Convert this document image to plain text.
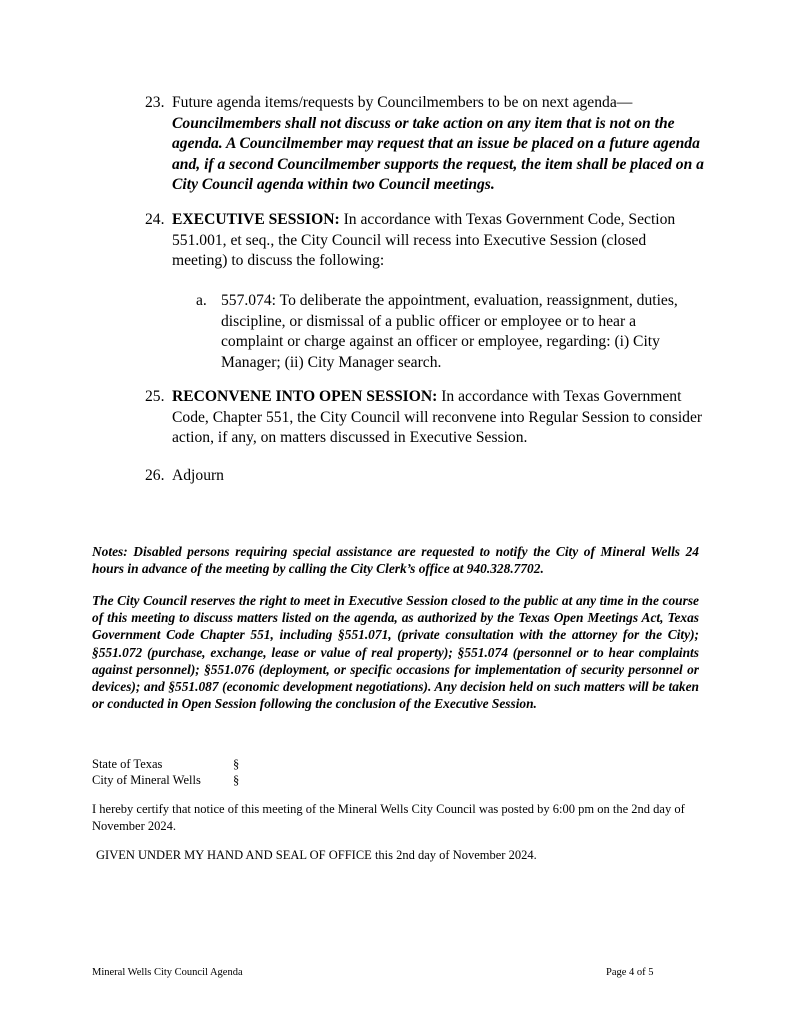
23. Future agenda items/requests by Councilmembers to be on next agenda— Councilmembers shall not discuss or take action on any item that is not on the agenda. A Councilmember may request that an issue be placed on a future agenda and, if a second Councilmember supports the request, the item shall be placed on a City Council agenda within two Council meetings.
24. EXECUTIVE SESSION: In accordance with Texas Government Code, Section 551.001, et seq., the City Council will recess into Executive Session (closed meeting) to discuss the following:
a. 557.074: To deliberate the appointment, evaluation, reassignment, duties, discipline, or dismissal of a public officer or employee or to hear a complaint or charge against an officer or employee, regarding: (i) City Manager; (ii) City Manager search.
25. RECONVENE INTO OPEN SESSION: In accordance with Texas Government Code, Chapter 551, the City Council will reconvene into Regular Session to consider action, if any, on matters discussed in Executive Session.
26. Adjourn
Notes: Disabled persons requiring special assistance are requested to notify the City of Mineral Wells 24 hours in advance of the meeting by calling the City Clerk’s office at 940.328.7702.
The City Council reserves the right to meet in Executive Session closed to the public at any time in the course of this meeting to discuss matters listed on the agenda, as authorized by the Texas Open Meetings Act, Texas Government Code Chapter 551, including §551.071, (private consultation with the attorney for the City); §551.072 (purchase, exchange, lease or value of real property); §551.074 (personnel or to hear complaints against personnel); §551.076 (deployment, or specific occasions for implementation of security personnel or devices); and §551.087 (economic development negotiations). Any decision held on such matters will be taken or conducted in Open Session following the conclusion of the Executive Session.
State of Texas	§
City of Mineral Wells	§
I hereby certify that notice of this meeting of the Mineral Wells City Council was posted by 6:00 pm on the 2nd day of November 2024.
GIVEN UNDER MY HAND AND SEAL OF OFFICE this 2nd day of November 2024.
Mineral Wells City Council Agenda	Page 4 of 5
